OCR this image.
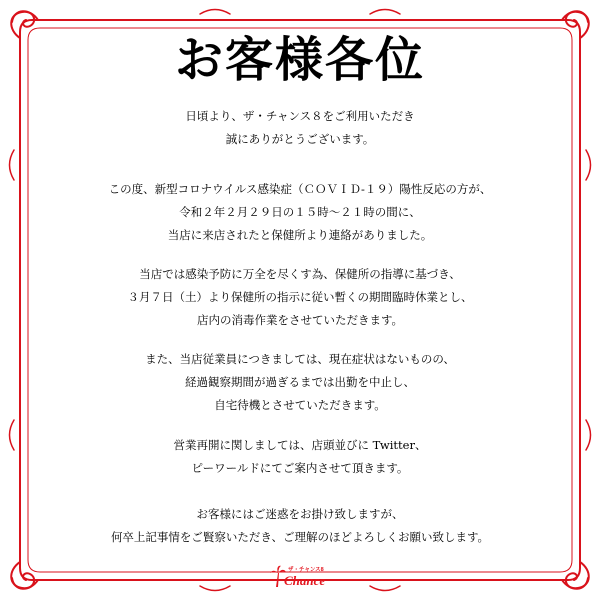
お客様各位
日頃より、ザ・チャンス８をご利用いただき
誠にありがとうございます。
この度、新型コロナウイルス感染症（ＣＯＶＩＤ-１９）陽性反応の方が、
令和２年２月２９日の１５時～２１時の間に、
当店に来店されたと保健所より連絡がありました。
当店では感染予防に万全を尽くす為、保健所の指導に基づき、
３月７日（土）より保健所の指示に従い暫くの期間臨時休業とし、
店内の消毒作業をさせていただきます。
また、当店従業員につきましては、現在症状はないものの、
経過観察期間が過ぎるまでは出勤を中止し、
自宅待機とさせていただきます。
営業再開に関しましては、店頭並びに Twitter、
ピーワールドにてご案内させて頂きます。
お客様にはご迷惑をお掛け致しますが、
何卒上記事情をご賢察いただき、ご理解のほどよろしくお願い致します。
ザ・チャンス8
Chance
